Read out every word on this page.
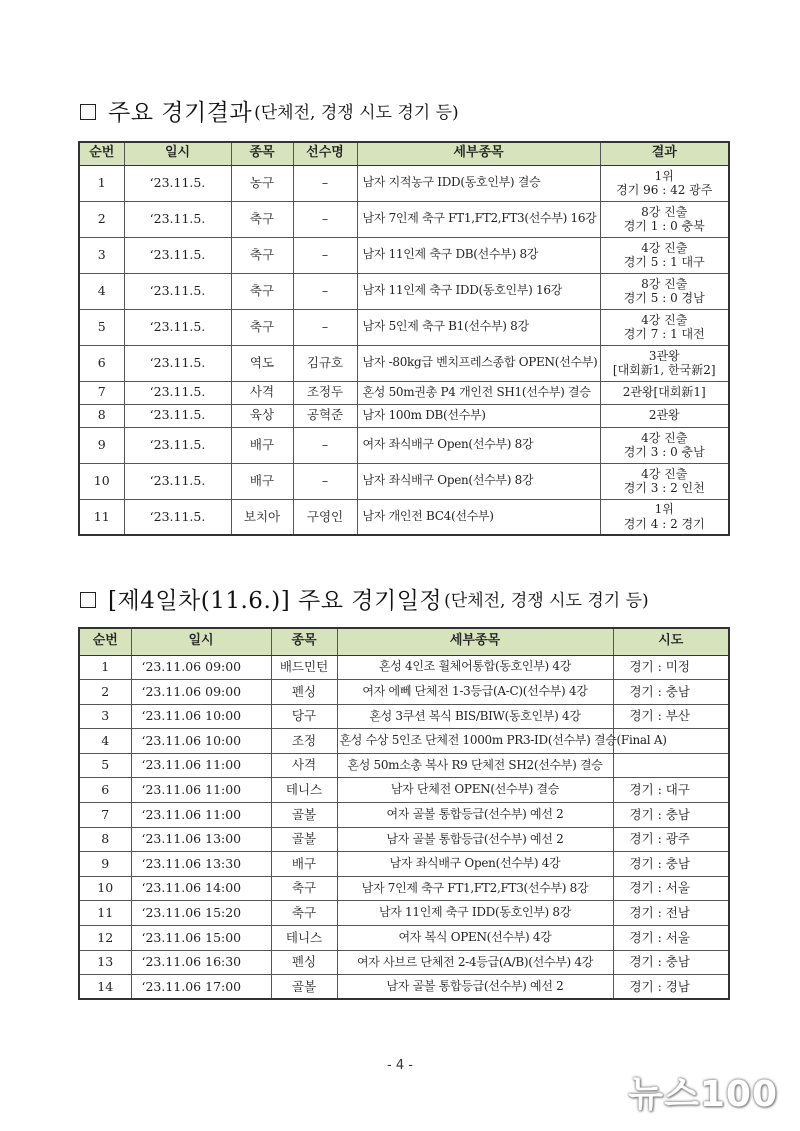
주요 경기결과 (단체전, 경쟁 시도 경기 등)
순번	일시	종목	선수명	세부종목	결과
1	‘23.11.5.	농구	–	남자 지적농구 IDD(동호인부) 결승	1위
경기 96 : 42 광주

2	‘23.11.5.	축구	–	남자 7인제 축구 FT1,FT2,FT3(선수부) 16강	8강 진출
경기 1 : 0 충북

3	‘23.11.5.	축구	–	남자 11인제 축구 DB(선수부) 8강	4강 진출
경기 5 : 1 대구

4	‘23.11.5.	축구	–	남자 11인제 축구 IDD(동호인부) 16강	8강 진출
경기 5 : 0 경남

5	‘23.11.5.	축구	–	남자 5인제 축구 B1(선수부) 8강	4강 진출
경기 7 : 1 대전

6	‘23.11.5.	역도	김규호	남자 -80kg급 벤치프레스종합 OPEN(선수부)	3관왕
[대회新1, 한국新2]

7	‘23.11.5.	사격	조정두	혼성 50m권총 P4 개인전 SH1(선수부) 결승	2관왕[대회新1]

8	‘23.11.5.	육상	공혁준	남자 100m DB(선수부)	2관왕

9	‘23.11.5.	배구	–	여자 좌식배구 Open(선수부) 8강	4강 진출
경기 3 : 0 충남

10	‘23.11.5.	배구	–	남자 좌식배구 Open(선수부) 8강	4강 진출
경기 3 : 2 인천

11	‘23.11.5.	보치아	구영인	남자 개인전 BC4(선수부)	1위
경기 4 : 2 경기
[제4일차(11.6.)] 주요 경기일정 (단체전, 경쟁 시도 경기 등)
순번	일시	종목	세부종목	시도
1	‘23.11.06 09:00	배드민턴	혼성 4인조 휠체어통합(동호인부) 4강	경기 : 미정
2	‘23.11.06 09:00	펜싱	여자 에뻬 단체전 1-3등급(A-C)(선수부) 4강	경기 : 충남
3	‘23.11.06 10:00	당구	혼성 3쿠션 복식 BIS/BIW(동호인부) 4강	경기 : 부산
4	‘23.11.06 10:00	조정	혼성 수상 5인조 단체전 1000m PR3-ID(선수부) 결승(Final A)	
5	‘23.11.06 11:00	사격	혼성 50m소총 복사 R9 단체전 SH2(선수부) 결승	
6	‘23.11.06 11:00	테니스	남자 단체전 OPEN(선수부) 결승	경기 : 대구
7	‘23.11.06 11:00	골볼	여자 골볼 통합등급(선수부) 예선 2	경기 : 충남
8	‘23.11.06 13:00	골볼	남자 골볼 통합등급(선수부) 예선 2	경기 : 광주
9	‘23.11.06 13:30	배구	남자 좌식배구 Open(선수부) 4강	경기 : 충남
10	‘23.11.06 14:00	축구	남자 7인제 축구 FT1,FT2,FT3(선수부) 8강	경기 : 서울
11	‘23.11.06 15:20	축구	남자 11인제 축구 IDD(동호인부) 8강	경기 : 전남
12	‘23.11.06 15:00	테니스	여자 복식 OPEN(선수부) 4강	경기 : 서울
13	‘23.11.06 16:30	펜싱	여자 사브르 단체전 2-4등급(A/B)(선수부) 4강	경기 : 충남
14	‘23.11.06 17:00	골볼	남자 골볼 통합등급(선수부) 예선 2	경기 : 경남
- 4 -
뉴스100
